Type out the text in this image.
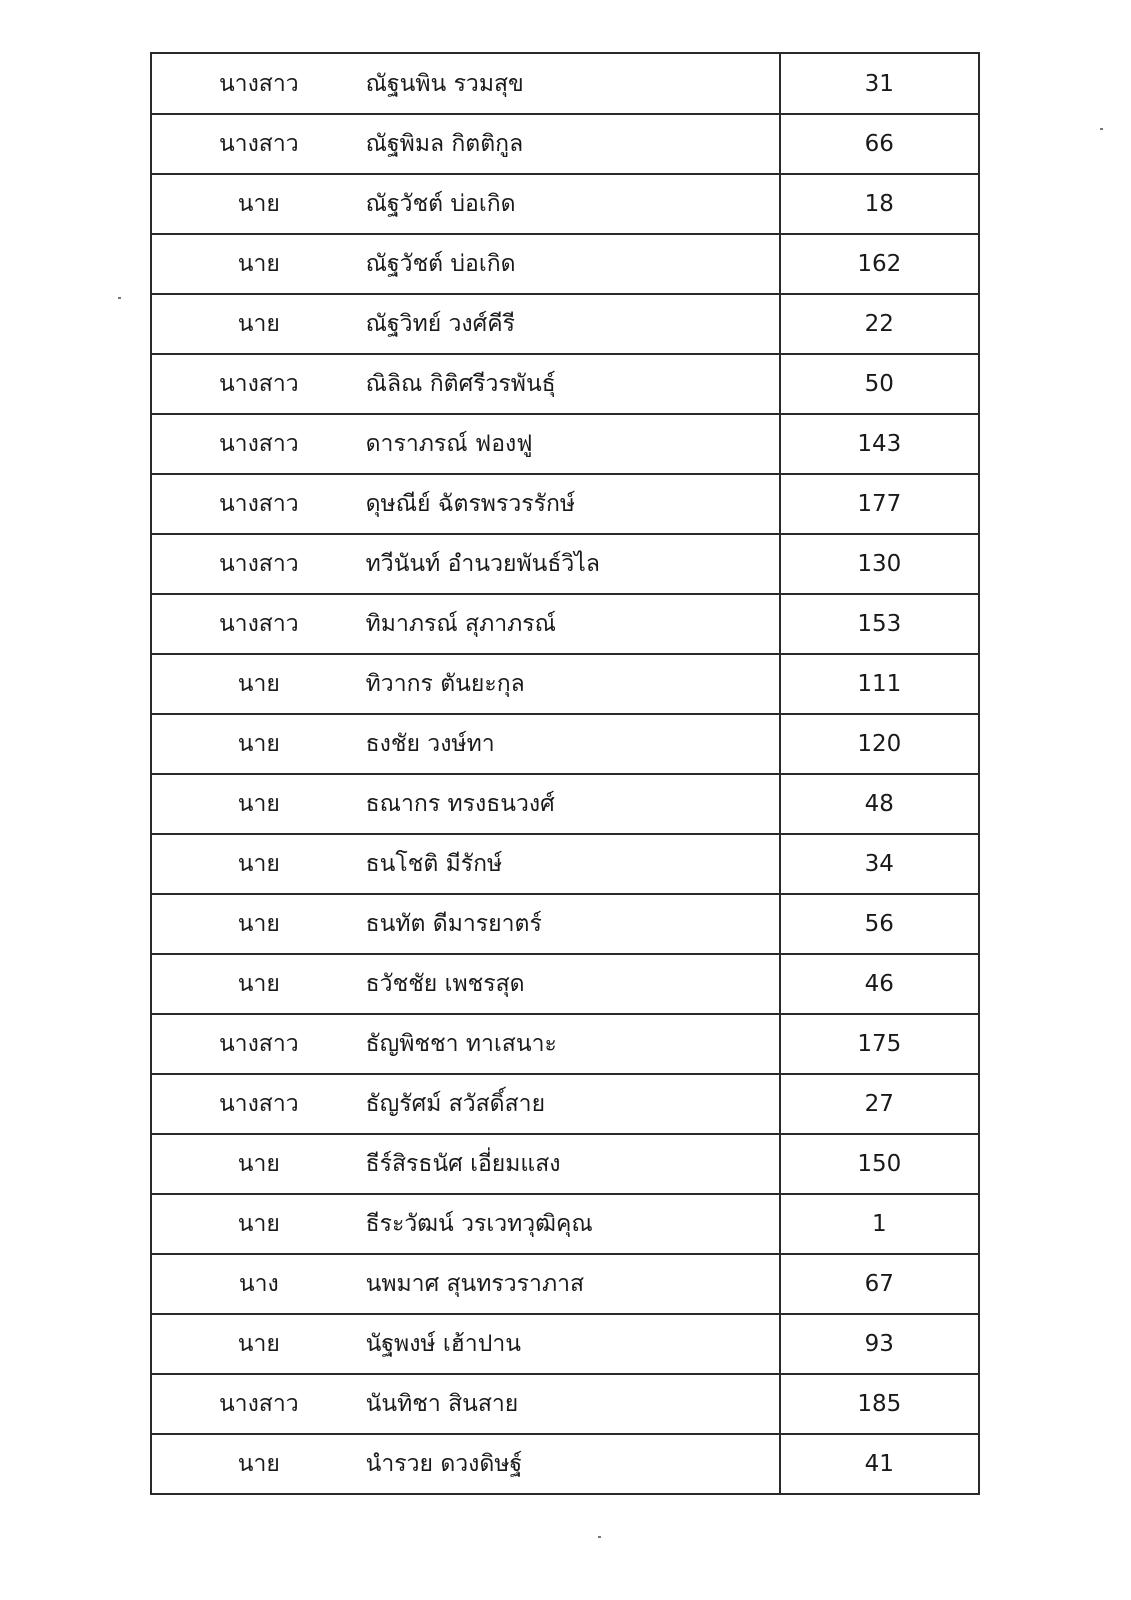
นางสาว	ณัฐนพิน รวมสุข	31
นางสาว	ณัฐพิมล กิตติกูล	66
นาย	ณัฐวัชต์ บ่อเกิด	18
นาย	ณัฐวัชต์ บ่อเกิด	162
นาย	ณัฐวิทย์ วงศ์คีรี	22
นางสาว	ณิลิณ กิติศรีวรพันธุ์	50
นางสาว	ดาราภรณ์ ฟองฟู	143
นางสาว	ดุษณีย์ ฉัตรพรวรรักษ์	177
นางสาว	ทวีนันท์ อำนวยพันธ์วิไล	130
นางสาว	ทิมาภรณ์ สุภาภรณ์	153
นาย	ทิวากร ตันยะกุล	111
นาย	ธงชัย วงษ์ทา	120
นาย	ธณากร ทรงธนวงศ์	48
นาย	ธนโชติ มีรักษ์	34
นาย	ธนทัต ดีมารยาตร์	56
นาย	ธวัชชัย เพชรสุด	46
นางสาว	ธัญพิชชา ทาเสนาะ	175
นางสาว	ธัญรัศม์ สวัสดิ์สาย	27
นาย	ธีร์สิรธนัศ เอี่ยมแสง	150
นาย	ธีระวัฒน์ วรเวทวุฒิคุณ	1
นาง	นพมาศ สุนทรวราภาส	67
นาย	นัฐพงษ์ เฮ้าปาน	93
นางสาว	นันทิชา สินสาย	185
นาย	นำรวย ดวงดิษฐ์	41
